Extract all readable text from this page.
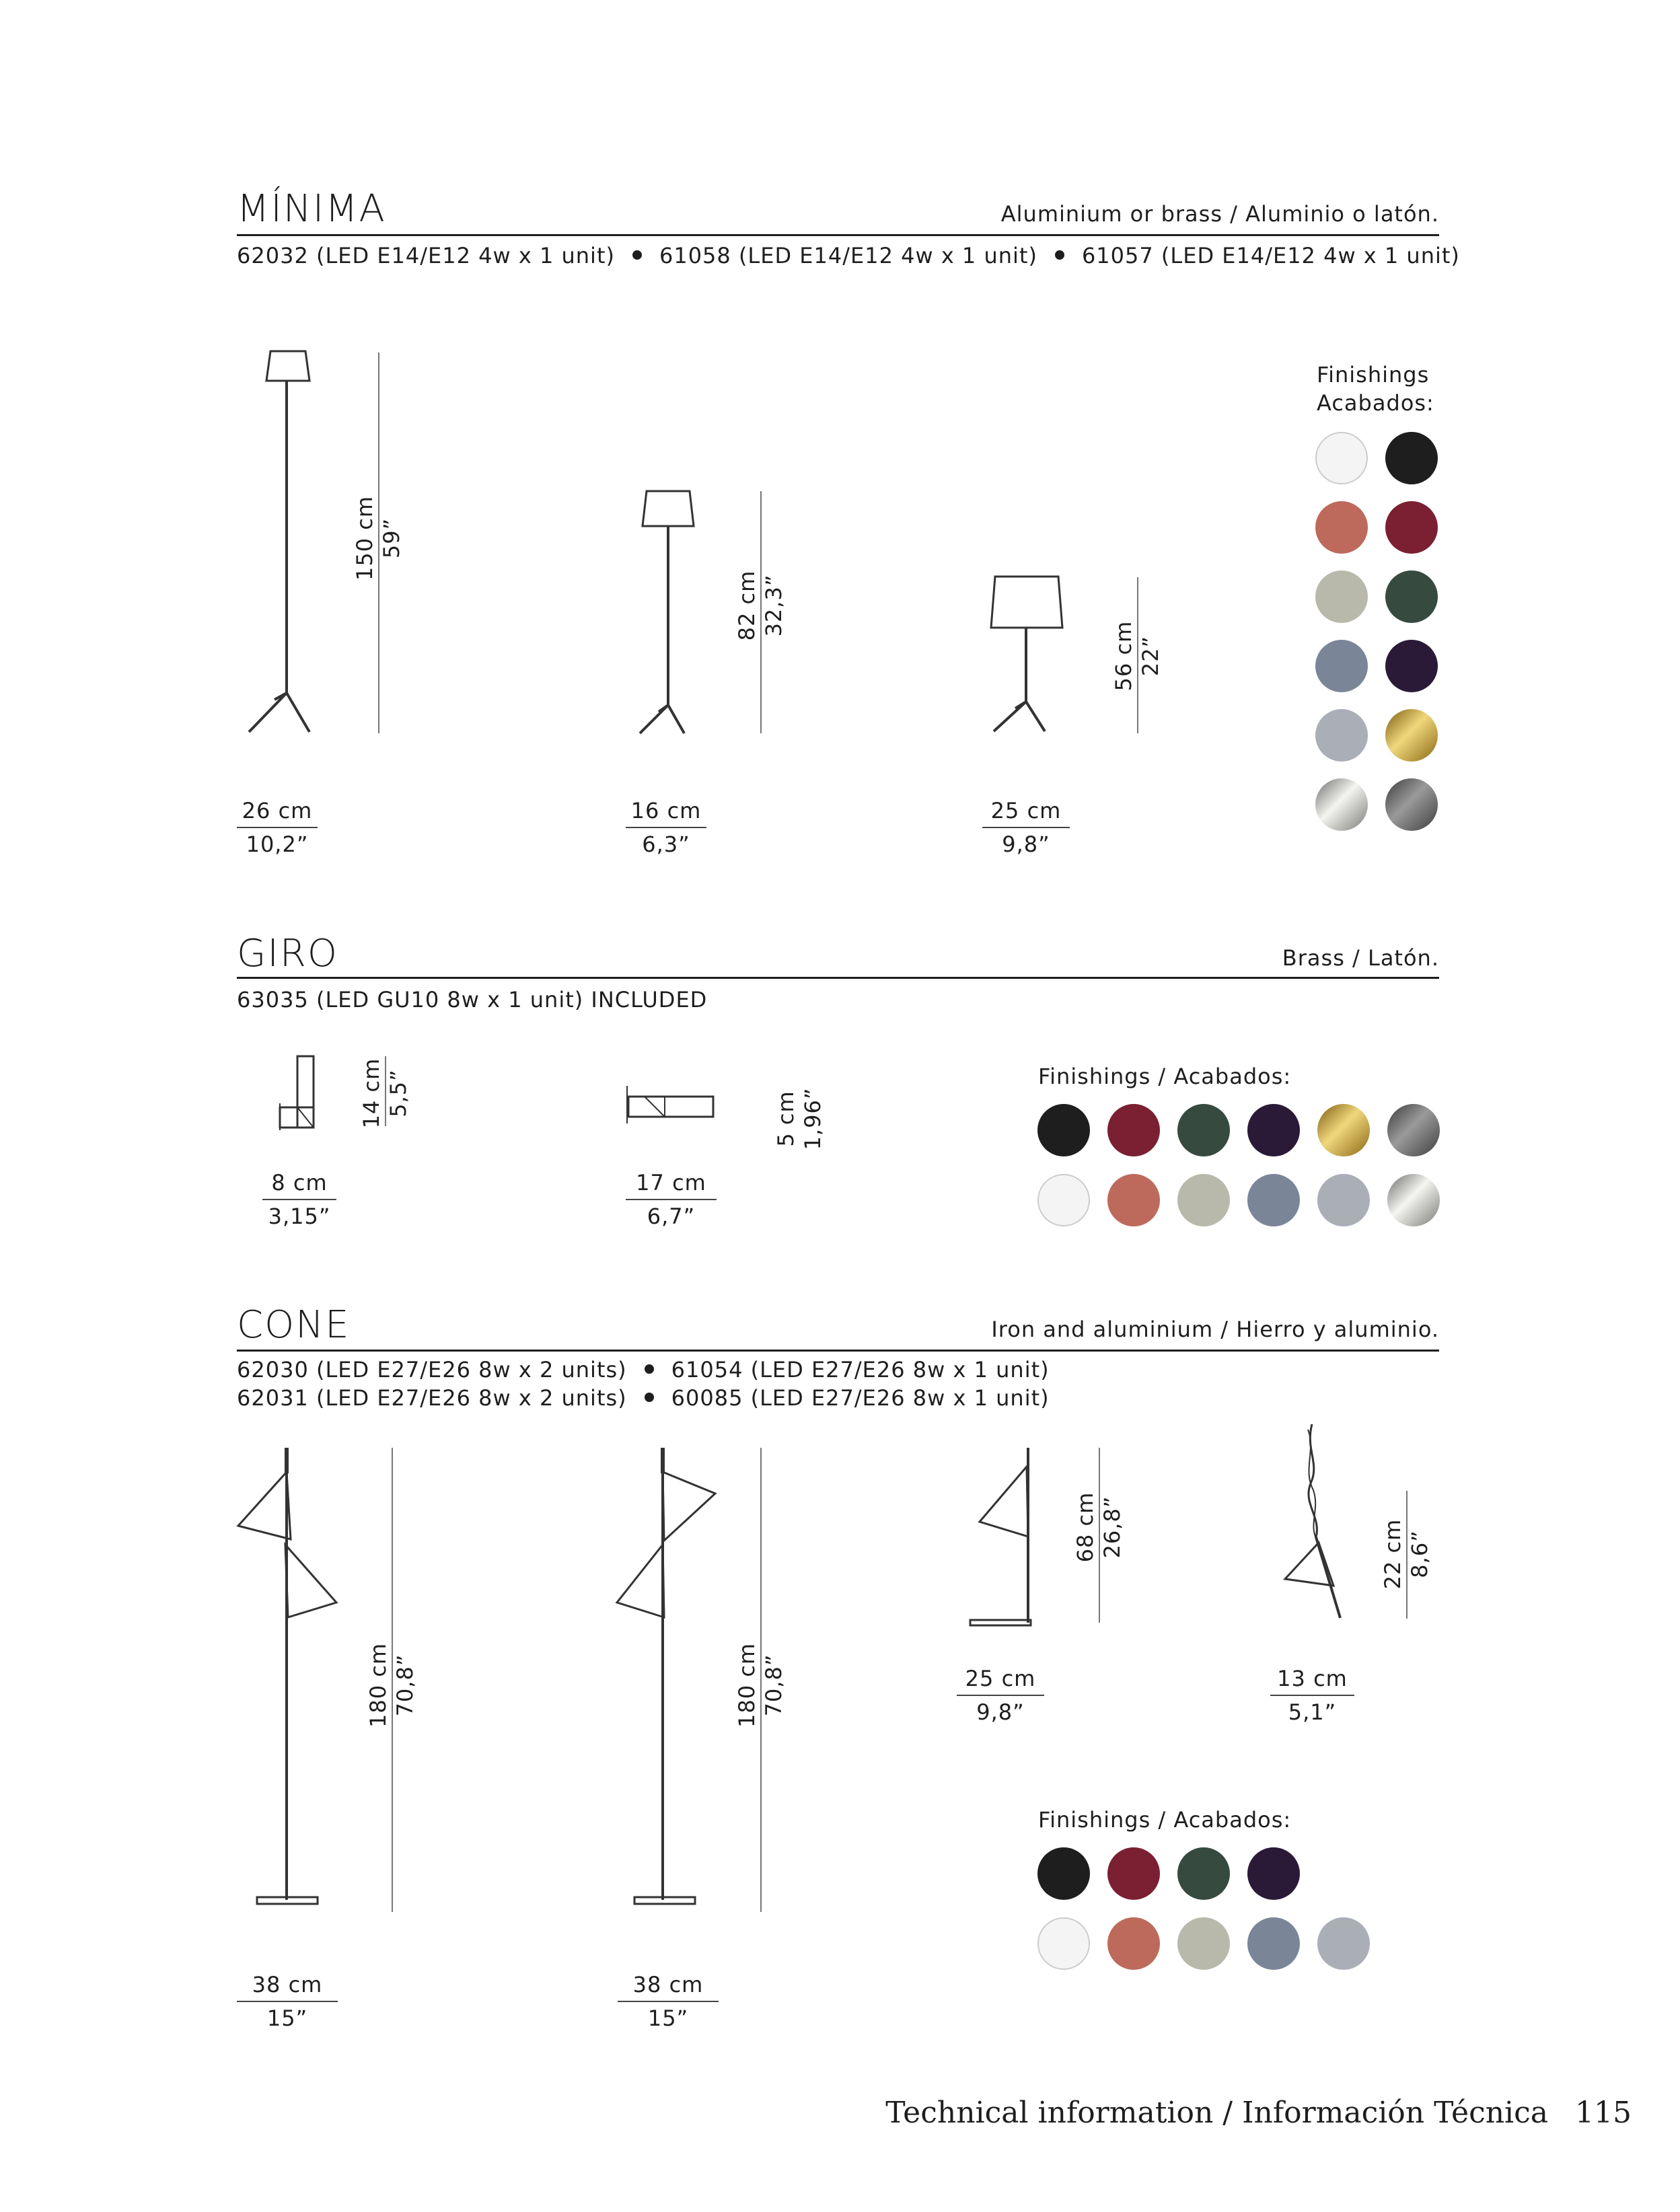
MÍNIMA	Aluminium or brass / Aluminio o latón.
62032 (LED E14/E12 4w x 1 unit) 61058 (LED E14/E12 4w x 1 unit) 61057 (LED E14/E12 4w x 1 unit)
150 cm 59”
26 cm
10,2”
82 cm 32,3”
16 cm
6,3”
56 cm 22”
25 cm
9,8”
Finishings
Acabados:
GIRO	Brass / Latón.
63035 (LED GU10 8w x 1 unit) INCLUDED
14 cm 5,5”
8 cm
3,15”
5 cm 1,96”
17 cm
6,7”
Finishings / Acabados:
CONE	Iron and aluminium / Hierro y aluminio.
62030 (LED E27/E26 8w x 2 units) 61054 (LED E27/E26 8w x 1 unit)
62031 (LED E27/E26 8w x 2 units) 60085 (LED E27/E26 8w x 1 unit)
180 cm 70,8”
38 cm
15”
180 cm 70,8”
38 cm
15”
68 cm 26,8”
25 cm
9,8”
22 cm 8,6”
13 cm
5,1”
Finishings / Acabados:
Technical information / Información Técnica 115
